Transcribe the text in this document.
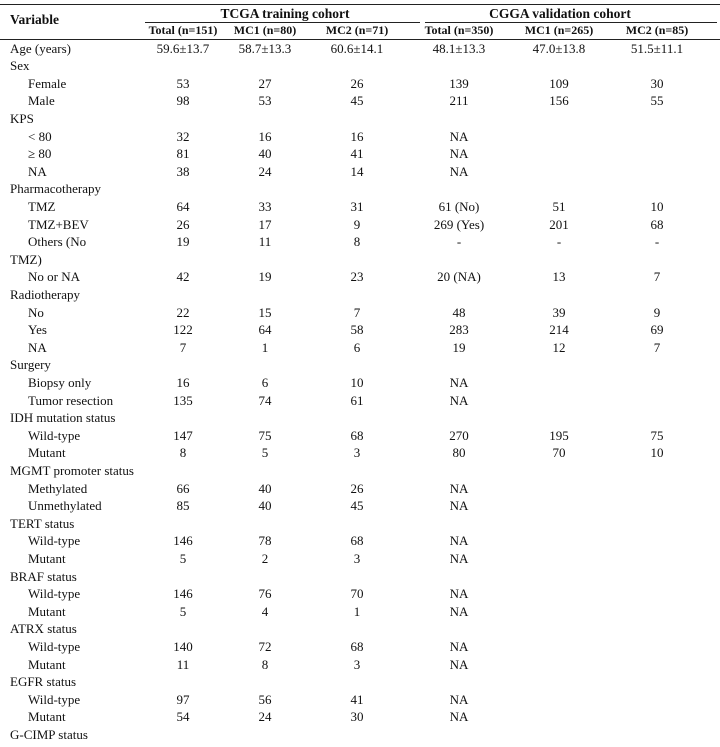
Variable	TCGA training cohort	CGGA validation cohort
Total (n=151)	MC1 (n=80)	MC2 (n=71)	Total (n=350)	MC1 (n=265)	MC2 (n=85)
Age (years)	59.6±13.7	58.7±13.3	60.6±14.1	48.1±13.3	47.0±13.8	51.5±11.1
Sex
Female	53	27	26	139	109	30
Male	98	53	45	211	156	55
KPS
< 80	32	16	16	NA
≥ 80	81	40	41	NA
NA	38	24	14	NA
Pharmacotherapy
TMZ	64	33	31	61 (No)	51	10
TMZ+BEV	26	17	9	269 (Yes)	201	68
Others (No	19	11	8	-	-	-
TMZ)
No or NA	42	19	23	20 (NA)	13	7
Radiotherapy
No	22	15	7	48	39	9
Yes	122	64	58	283	214	69
NA	7	1	6	19	12	7
Surgery
Biopsy only	16	6	10	NA
Tumor resection	135	74	61	NA
IDH mutation status
Wild-type	147	75	68	270	195	75
Mutant	8	5	3	80	70	10
MGMT promoter status
Methylated	66	40	26	NA
Unmethylated	85	40	45	NA
TERT status
Wild-type	146	78	68	NA
Mutant	5	2	3	NA
BRAF status
Wild-type	146	76	70	NA
Mutant	5	4	1	NA
ATRX status
Wild-type	140	72	68	NA
Mutant	11	8	3	NA
EGFR status
Wild-type	97	56	41	NA
Mutant	54	24	30	NA
G-CIMP status
